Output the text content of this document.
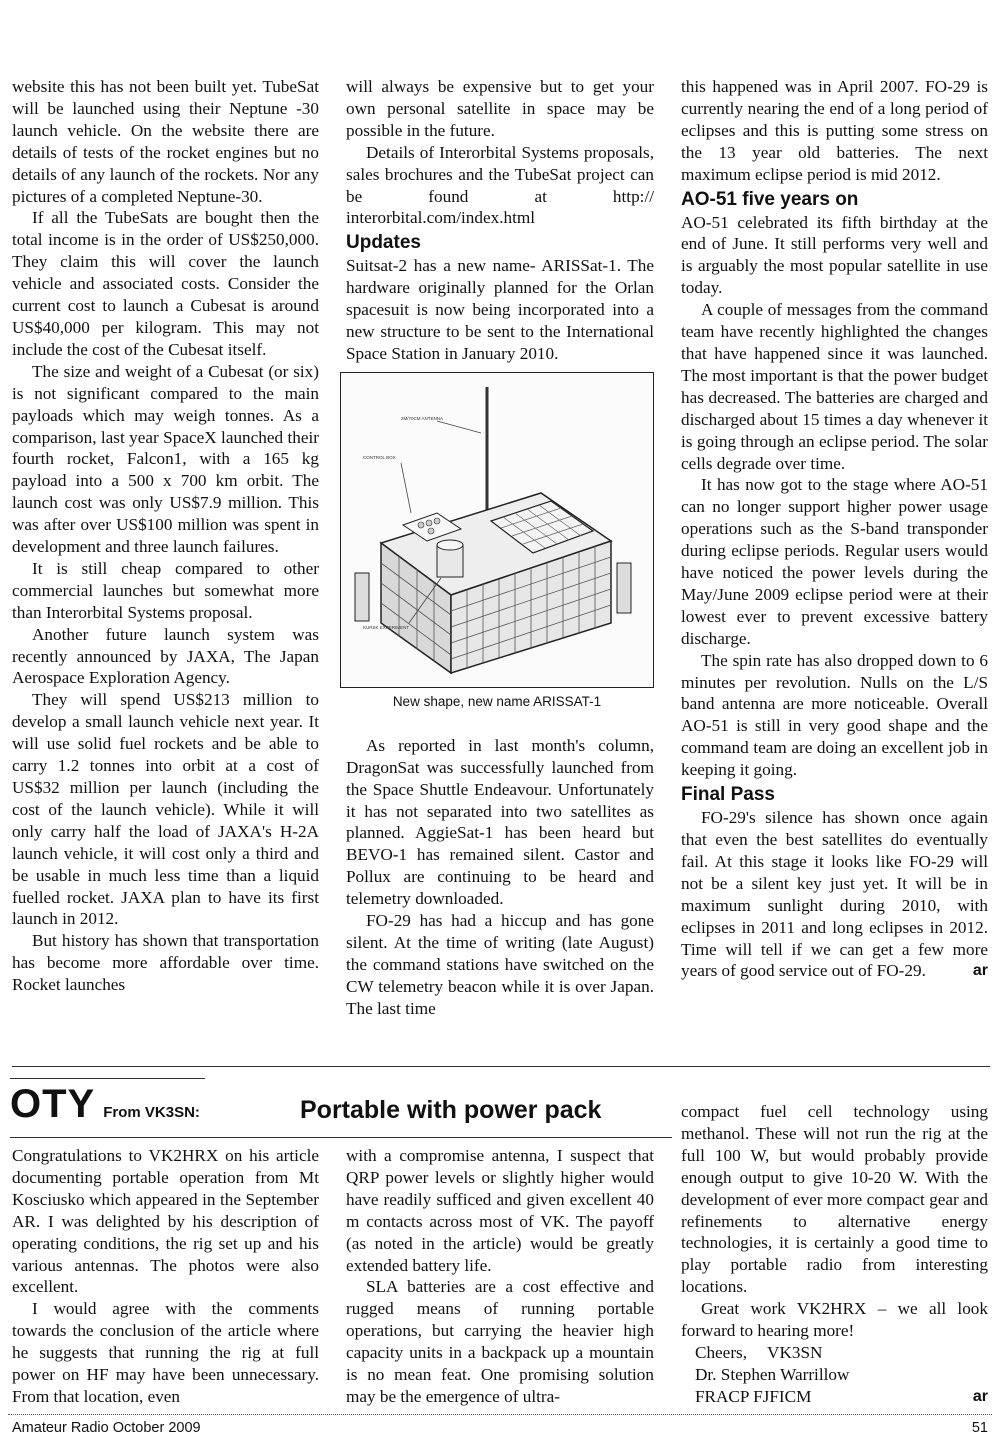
website this has not been built yet. TubeSat will be launched using their Neptune -30 launch vehicle. On the website there are details of tests of the rocket engines but no details of any launch of the rockets. Nor any pictures of a completed Neptune-30.

If all the TubeSats are bought then the total income is in the order of US$250,000. They claim this will cover the launch vehicle and associated costs. Consider the current cost to launch a Cubesat is around US$40,000 per kilogram. This may not include the cost of the Cubesat itself.

The size and weight of a Cubesat (or six) is not significant compared to the main payloads which may weigh tonnes. As a comparison, last year SpaceX launched their fourth rocket, Falcon1, with a 165 kg payload into a 500 x 700 km orbit. The launch cost was only US$7.9 million. This was after over US$100 million was spent in development and three launch failures.

It is still cheap compared to other commercial launches but somewhat more than Interorbital Systems proposal.

Another future launch system was recently announced by JAXA, The Japan Aerospace Exploration Agency.

They will spend US$213 million to develop a small launch vehicle next year. It will use solid fuel rockets and be able to carry 1.2 tonnes into orbit at a cost of US$32 million per launch (including the cost of the launch vehicle). While it will only carry half the load of JAXA's H-2A launch vehicle, it will cost only a third and be usable in much less time than a liquid fuelled rocket. JAXA plan to have its first launch in 2012.

But history has shown that transportation has become more affordable over time. Rocket launches

will always be expensive but to get your own personal satellite in space may be possible in the future.

Details of Interorbital Systems proposals, sales brochures and the TubeSat project can be found at http:// interorbital.com/index.html

Updates

Suitsat-2 has a new name- ARISSat-1. The hardware originally planned for the Orlan spacesuit is now being incorporated into a new structure to be sent to the International Space Station in January 2010.

2M/70CM ANTENNA
CONTROL BOX
KURSK EXPERIMENT
New shape, new name ARISSAT-1

As reported in last month's column, DragonSat was successfully launched from the Space Shuttle Endeavour. Unfortunately it has not separated into two satellites as planned. AggieSat-1 has been heard but BEVO-1 has remained silent. Castor and Pollux are continuing to be heard and telemetry downloaded.

FO-29 has had a hiccup and has gone silent. At the time of writing (late August) the command stations have switched on the CW telemetry beacon while it is over Japan. The last time

this happened was in April 2007. FO-29 is currently nearing the end of a long period of eclipses and this is putting some stress on the 13 year old batteries. The next maximum eclipse period is mid 2012.

AO-51 five years on

AO-51 celebrated its fifth birthday at the end of June. It still performs very well and is arguably the most popular satellite in use today.

A couple of messages from the command team have recently highlighted the changes that have happened since it was launched. The most important is that the power budget has decreased. The batteries are charged and discharged about 15 times a day whenever it is going through an eclipse period. The solar cells degrade over time.

It has now got to the stage where AO-51 can no longer support higher power usage operations such as the S-band transponder during eclipse periods. Regular users would have noticed the power levels during the May/June 2009 eclipse period were at their lowest ever to prevent excessive battery discharge.

The spin rate has also dropped down to 6 minutes per revolution. Nulls on the L/S band antenna are more noticeable. Overall AO-51 is still in very good shape and the command team are doing an excellent job in keeping it going.

Final Pass

FO-29's silence has shown once again that even the best satellites do eventually fail. At this stage it looks like FO-29 will not be a silent key just yet. It will be in maximum sunlight during 2010, with eclipses in 2011 and long eclipses in 2012. Time will tell if we can get a few more years of good service out of FO-29.	ar
OTY From VK3SN:	Portable with power pack

Congratulations to VK2HRX on his article documenting portable operation from Mt Kosciusko which appeared in the September AR. I was delighted by his description of operating conditions, the rig set up and his various antennas. The photos were also excellent.

I would agree with the comments towards the conclusion of the article where he suggests that running the rig at full power on HF may have been unnecessary. From that location, even

with a compromise antenna, I suspect that QRP power levels or slightly higher would have readily sufficed and given excellent 40 m contacts across most of VK. The payoff (as noted in the article) would be greatly extended battery life.

SLA batteries are a cost effective and rugged means of running portable operations, but carrying the heavier high capacity units in a backpack up a mountain is no mean feat. One promising solution may be the emergence of ultra-

compact fuel cell technology using methanol. These will not run the rig at the full 100 W, but would probably provide enough output to give 10-20 W. With the development of ever more compact gear and refinements to alternative energy technologies, it is certainly a good time to play portable radio from interesting locations.

Great work VK2HRX – we all look forward to hearing more!

Cheers, VK3SN
Dr. Stephen Warrillow
FRACP FJFICM	ar
Amateur Radio October 2009	51
